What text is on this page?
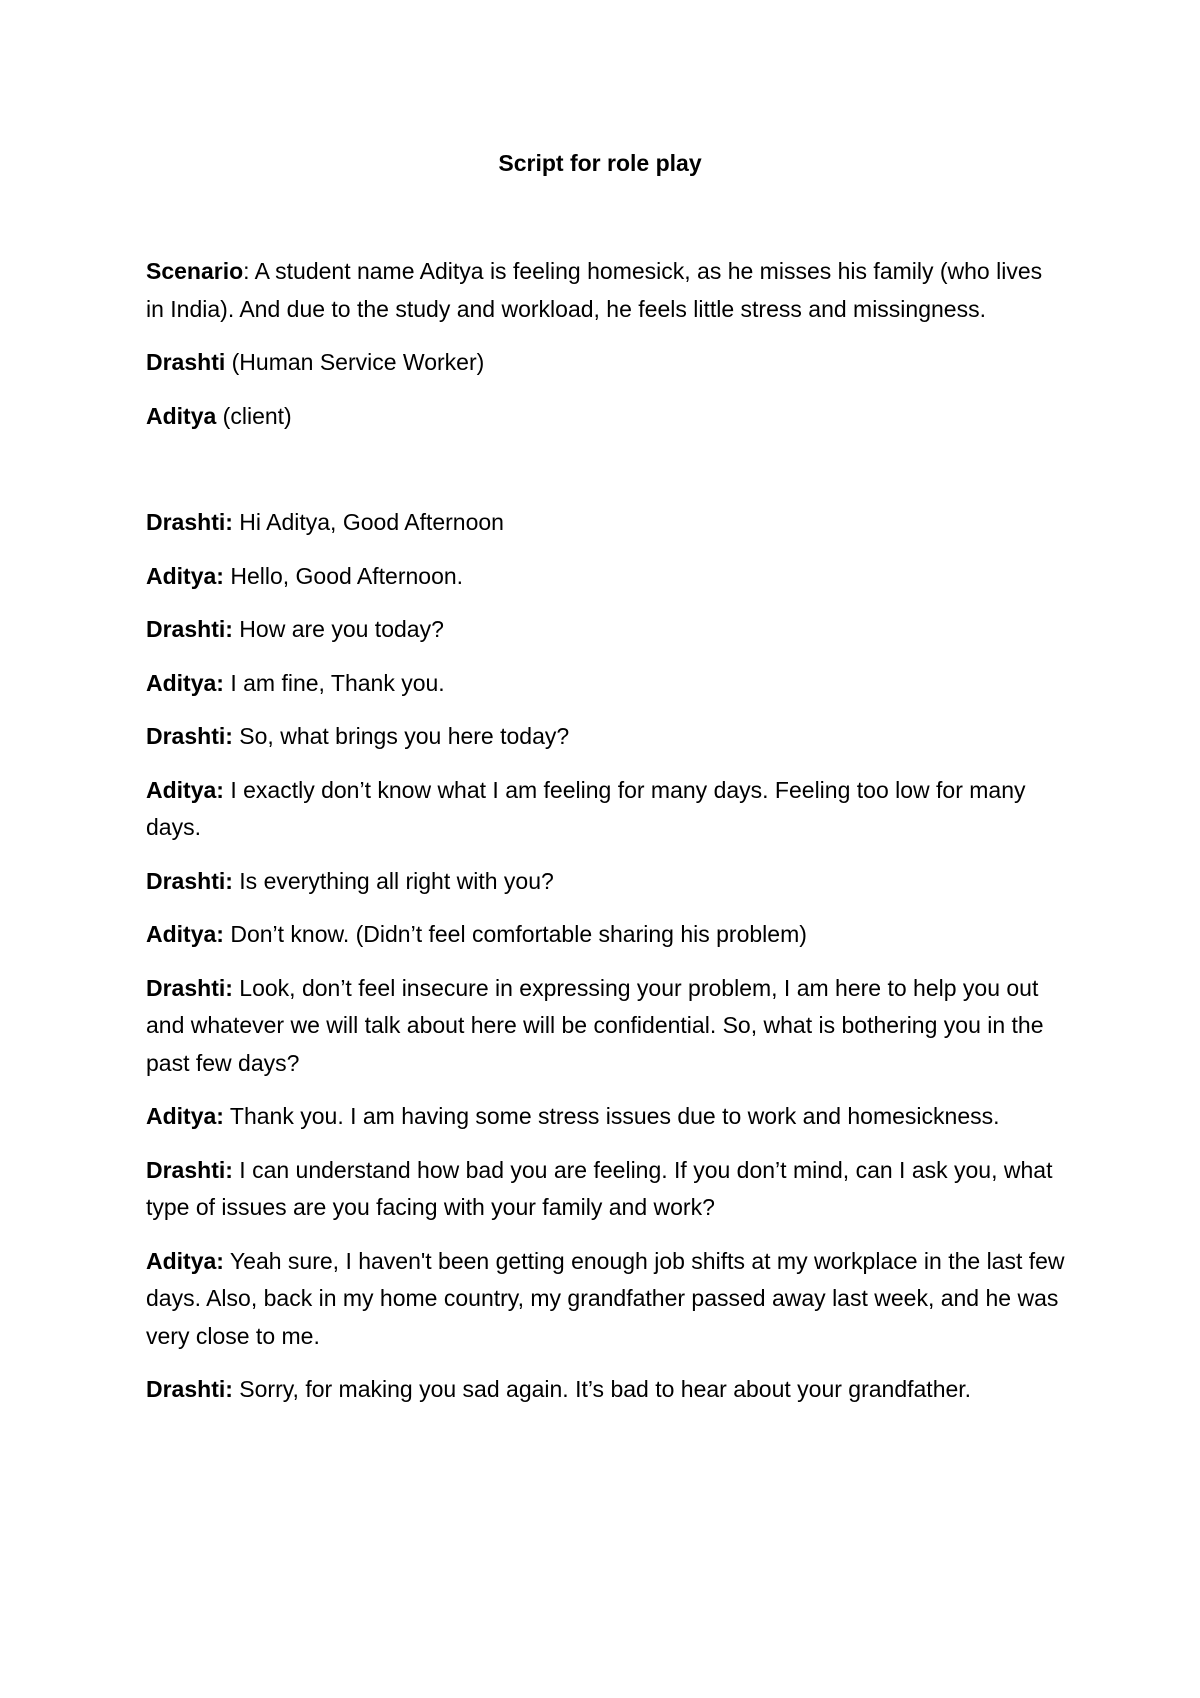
Script for role play

Scenario: A student name Aditya is feeling homesick, as he misses his family (who lives in India). And due to the study and workload, he feels little stress and missingness.

Drashti (Human Service Worker)

Aditya (client)

Drashti: Hi Aditya, Good Afternoon

Aditya: Hello, Good Afternoon.

Drashti: How are you today?

Aditya: I am fine, Thank you.

Drashti: So, what brings you here today?

Aditya: I exactly don’t know what I am feeling for many days. Feeling too low for many days.

Drashti: Is everything all right with you?

Aditya: Don’t know. (Didn’t feel comfortable sharing his problem)

Drashti: Look, don’t feel insecure in expressing your problem, I am here to help you out and whatever we will talk about here will be confidential. So, what is bothering you in the past few days?

Aditya: Thank you. I am having some stress issues due to work and homesickness.

Drashti: I can understand how bad you are feeling. If you don’t mind, can I ask you, what type of issues are you facing with your family and work?

Aditya: Yeah sure, I haven't been getting enough job shifts at my workplace in the last few days. Also, back in my home country, my grandfather passed away last week, and he was very close to me.

Drashti: Sorry, for making you sad again. It’s bad to hear about your grandfather.
